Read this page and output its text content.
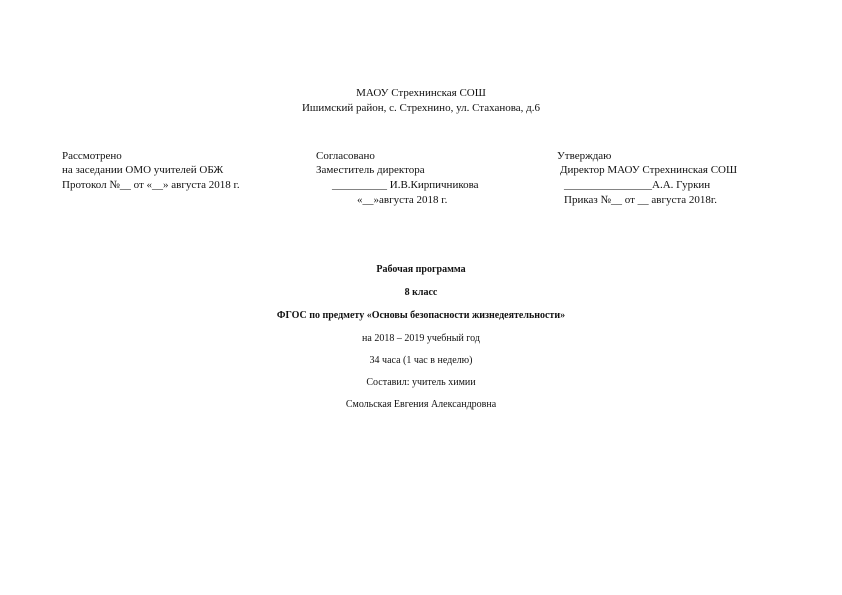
МАОУ Стрехнинская СОШ
Ишимский район, с. Стрехнино, ул. Стаханова, д.6
Рассмотрено
на заседании ОМО учителей ОБЖ
Протокол №__ от «__» августа 2018 г.
Согласовано
Заместитель директора
__________ И.В.Кирпичникова
«__»августа 2018 г.
Утверждаю
Директор МАОУ Стрехнинская СОШ
________________А.А. Гуркин
Приказ №__ от __ августа 2018г.
Рабочая программа
8 класс
ФГОС по предмету «Основы безопасности жизнедеятельности»
на 2018 – 2019 учебный год
34 часа (1 час в неделю)
Составил: учитель химии
Смольская Евгения Александровна
